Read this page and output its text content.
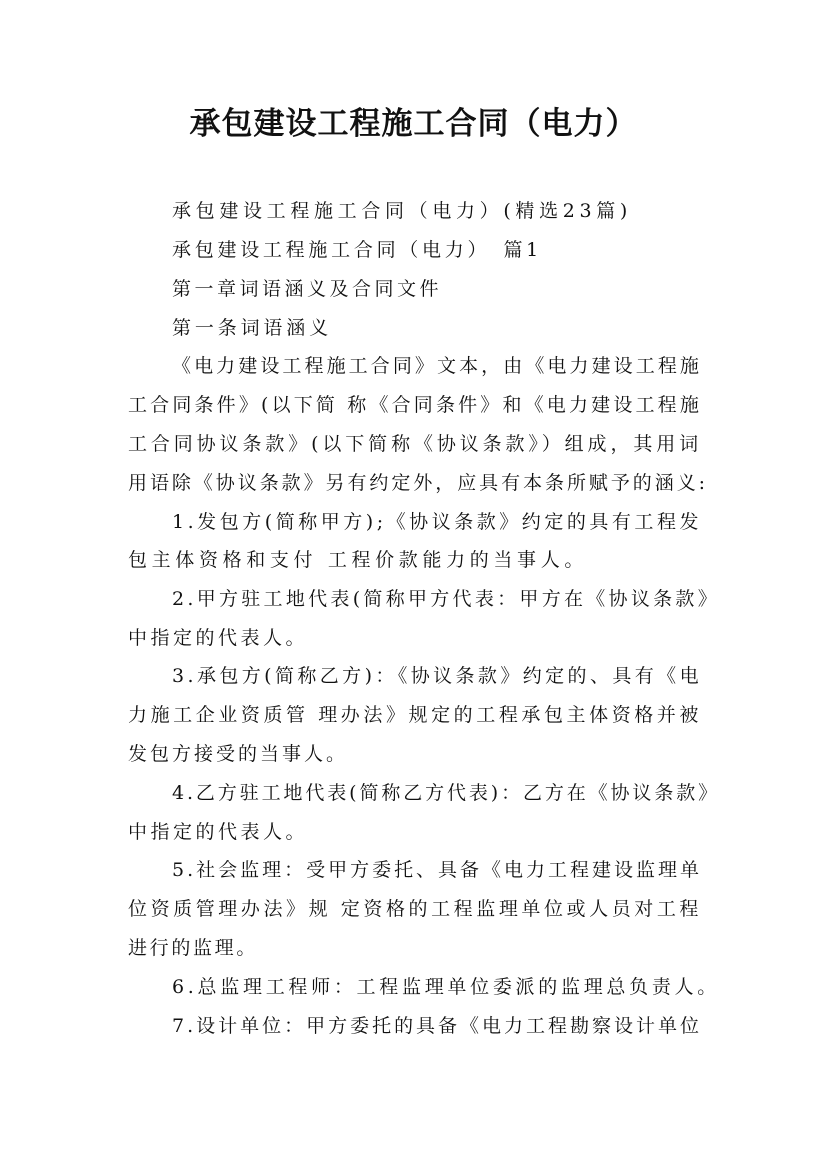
承包建设工程施工合同（电力）
承包建设工程施工合同（电力）(精选23篇)
承包建设工程施工合同（电力）　篇1
第一章词语涵义及合同文件
第一条词语涵义
《电力建设工程施工合同》文本，由《电力建设工程施
工合同条件》(以下简 称《合同条件》和《电力建设工程施
工合同协议条款》(以下简称《协议条款》）组成，其用词
用语除《协议条款》另有约定外，应具有本条所赋予的涵义:
1.发包方(简称甲方);《协议条款》约定的具有工程发
包主体资格和支付 工程价款能力的当事人。
2.甲方驻工地代表(简称甲方代表：甲方在《协议条款》
中指定的代表人。
3.承包方(简称乙方)：《协议条款》约定的、具有《电
力施工企业资质管 理办法》规定的工程承包主体资格并被
发包方接受的当事人。
4.乙方驻工地代表(简称乙方代表)：乙方在《协议条款》
中指定的代表人。
5.社会监理：受甲方委托、具备《电力工程建设监理单
位资质管理办法》规 定资格的工程监理单位或人员对工程
进行的监理。
6.总监理工程师：工程监理单位委派的监理总负责人。
7.设计单位：甲方委托的具备《电力工程勘察设计单位
